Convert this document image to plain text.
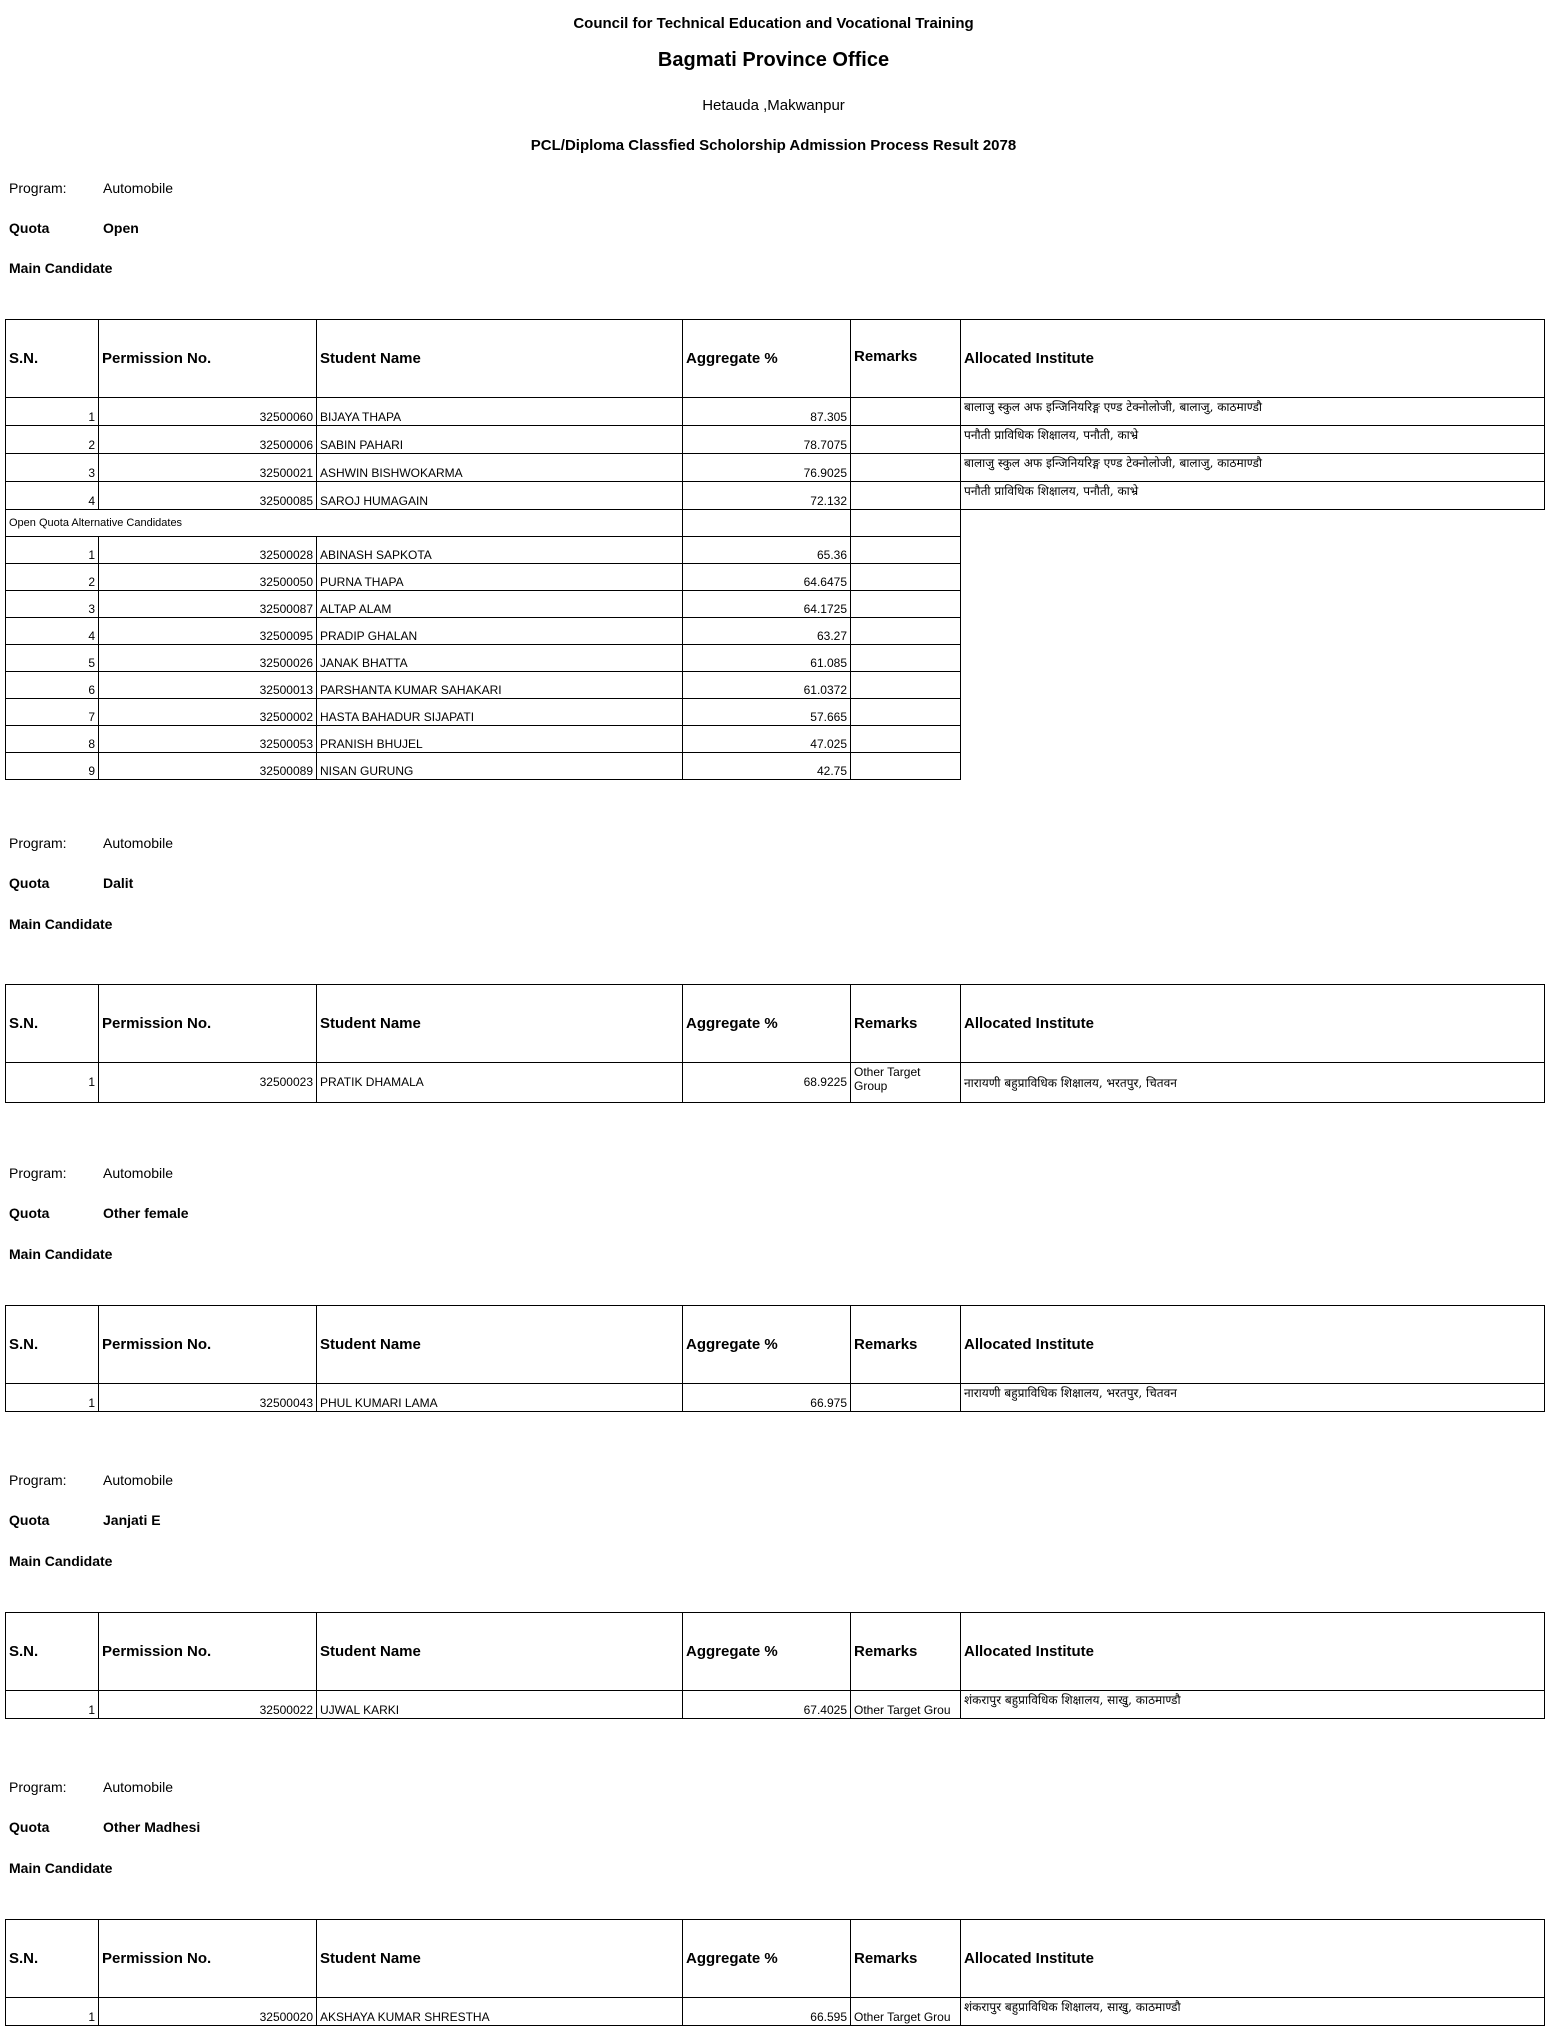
Council for Technical Education and Vocational Training
Bagmati Province Office
Hetauda ,Makwanpur
PCL/Diploma Classfied Scholorship Admission Process Result 2078
Program:	Automobile
Quota	Open
Main Candidate
S.N.	Permission No.	Student Name	Aggregate %	Remarks	Allocated Institute
1	32500060	BIJAYA THAPA	87.305		बालाजु स्कुल अफ इन्जिनियरिङ्ग एण्ड टेक्नोलोजी, बालाजु, काठमाण्डौ
2	32500006	SABIN PAHARI	78.7075		पनौती प्राविधिक शिक्षालय, पनौती, काभ्रे
3	32500021	ASHWIN BISHWOKARMA	76.9025		बालाजु स्कुल अफ इन्जिनियरिङ्ग एण्ड टेक्नोलोजी, बालाजु, काठमाण्डौ
4	32500085	SAROJ HUMAGAIN	72.132		पनौती प्राविधिक शिक्षालय, पनौती, काभ्रे
Open Quota Alternative Candidates					
1	32500028	ABINASH SAPKOTA	65.36		
2	32500050	PURNA THAPA	64.6475		
3	32500087	ALTAP ALAM	64.1725		
4	32500095	PRADIP GHALAN	63.27		
5	32500026	JANAK BHATTA	61.085		
6	32500013	PARSHANTA KUMAR SAHAKARI	61.0372		
7	32500002	HASTA BAHADUR SIJAPATI	57.665		
8	32500053	PRANISH BHUJEL	47.025		
9	32500089	NISAN GURUNG	42.75		
Program:	Automobile
Quota	Dalit
Main Candidate
S.N.	Permission No.	Student Name	Aggregate %	Remarks	Allocated Institute
1	32500023	PRATIK DHAMALA	68.9225	Other Target Group	नारायणी बहुप्राविधिक शिक्षालय, भरतपुर, चितवन
Program:	Automobile
Quota	Other female
Main Candidate
S.N.	Permission No.	Student Name	Aggregate %	Remarks	Allocated Institute
1	32500043	PHUL KUMARI LAMA	66.975		नारायणी बहुप्राविधिक शिक्षालय, भरतपुर, चितवन
Program:	Automobile
Quota	Janjati E
Main Candidate
S.N.	Permission No.	Student Name	Aggregate %	Remarks	Allocated Institute
1	32500022	UJWAL KARKI	67.4025	Other Target Grou	शंकरापुर बहुप्राविधिक शिक्षालय, साखु, काठमाण्डौ
Program:	Automobile
Quota	Other Madhesi
Main Candidate
S.N.	Permission No.	Student Name	Aggregate %	Remarks	Allocated Institute
1	32500020	AKSHAYA KUMAR SHRESTHA	66.595	Other Target Grou	शंकरापुर बहुप्राविधिक शिक्षालय, साखु, काठमाण्डौ
